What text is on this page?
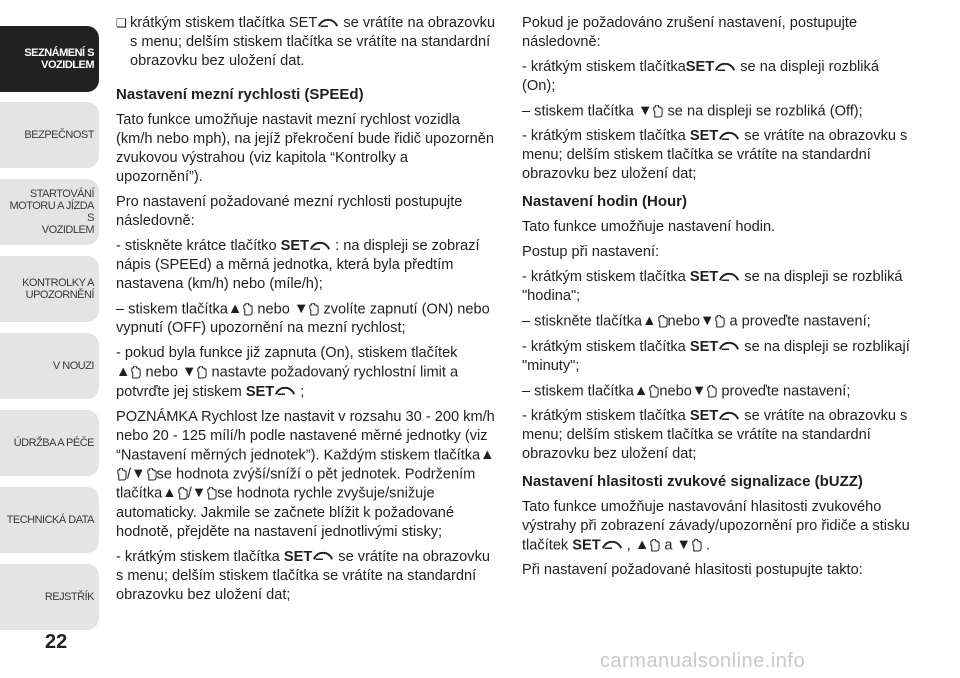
SEZNÁMENÍ S
VOZIDLEM
BEZPEČNOST
STARTOVÁNÍ
MOTORU A JÍZDA S
VOZIDLEM
KONTROLKY A
UPOZORNĚNÍ
V NOUZI
ÚDRŽBA A PÉČE
TECHNICKÁ DATA
REJSTŘÍK
22
❏ krátkým stiskem tlačítka SET se vrátíte na obrazovku s menu; delším stiskem tlačítka se vrátíte na standardní obrazovku bez uložení dat.

Nastavení mezní rychlosti (SPEEd)

Tato funkce umožňuje nastavit mezní rychlost vozidla (km/h nebo mph), na jejíž překročení bude řidič upozorněn zvukovou výstrahou (viz kapitola “Kontrolky a upozornění”).

Pro nastavení požadované mezní rychlosti postupujte následovně:

- stiskněte krátce tlačítko SET : na displeji se zobrazí nápis (SPEEd) a měrná jednotka, která byla předtím nastavena (km/h) nebo (míle/h);

– stiskem tlačítka▲ nebo ▼ zvolíte zapnutí (ON) nebo vypnutí (OFF) upozornění na mezní rychlost;

- pokud byla funkce již zapnuta (On), stiskem tlačítek
▲ nebo ▼ nastavte požadovaný rychlostní limit a potvrďte jej stiskem SET ;

POZNÁMKA Rychlost lze nastavit v rozsahu 30 - 200 km/h nebo 20 - 125 mílí/h podle nastavené měrné jednotky (viz “Nastavení měrných jednotek”). Každým stiskem tlačítka▲/▼ se hodnota zvýší/sníží o pět jednotek. Podržením tlačítka▲ /▼ se hodnota rychle zvyšuje/snižuje automaticky. Jakmile se začnete blížit k požadované hodnotě, přejděte na nastavení jednotlivými stisky;

- krátkým stiskem tlačítka SET se vrátíte na obrazovku s menu; delším stiskem tlačítka se vrátíte na standardní obrazovku bez uložení dat;

Pokud je požadováno zrušení nastavení, postupujte následovně:

- krátkým stiskem tlačítkaSET se na displeji rozbliká (On);

– stiskem tlačítka ▼ se na displeji se rozbliká (Off);

- krátkým stiskem tlačítka SET se vrátíte na obrazovku s menu; delším stiskem tlačítka se vrátíte na standardní obrazovku bez uložení dat;

Nastavení hodin (Hour)

Tato funkce umožňuje nastavení hodin.

Postup při nastavení:

- krátkým stiskem tlačítka SET se na displeji se rozbliká "hodina";

– stiskněte tlačítka▲ nebo▼ a proveďte nastavení;

- krátkým stiskem tlačítka SET se na displeji se rozblikají "minuty";

– stiskem tlačítka▲ nebo▼ proveďte nastavení;

- krátkým stiskem tlačítka SET se vrátíte na obrazovku s menu; delším stiskem tlačítka se vrátíte na standardní obrazovku bez uložení dat;

Nastavení hlasitosti zvukové signalizace (bUZZ)

Tato funkce umožňuje nastavování hlasitosti zvukového výstrahy při zobrazení závady/upozornění pro řidiče a stisku tlačítek SET , ▲ a ▼ .

Při nastavení požadované hlasitosti postupujte takto:

carmanualsonline.info
